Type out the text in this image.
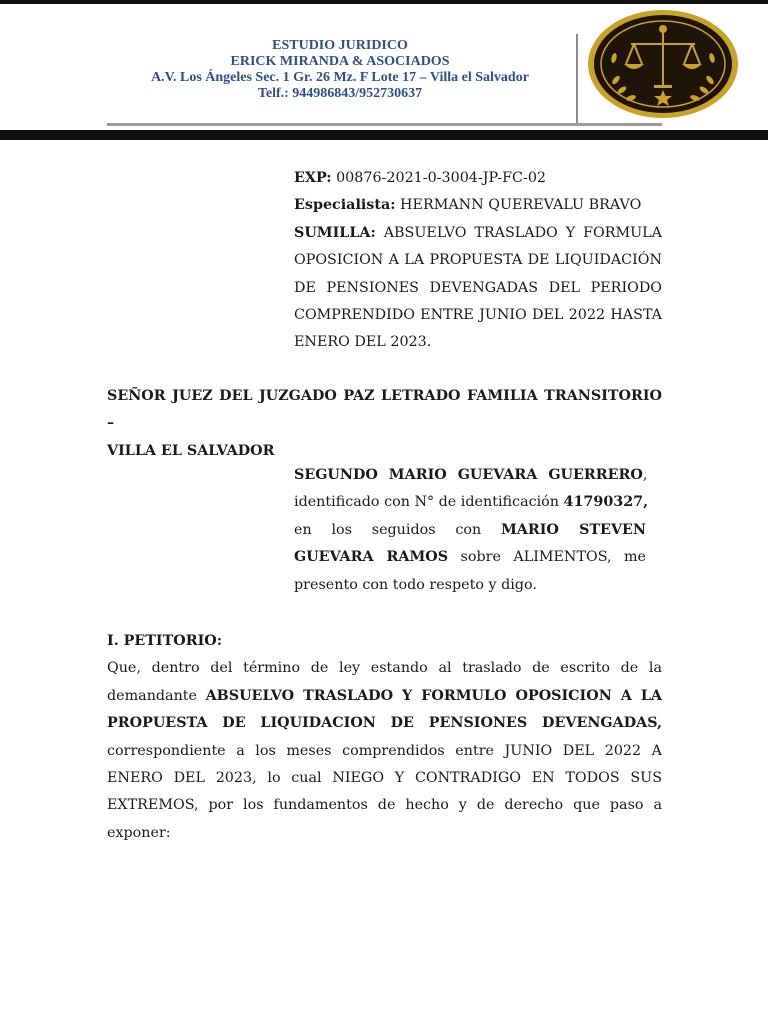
ESTUDIO JURIDICO
ERICK MIRANDA & ASOCIADOS
A.V. Los Ángeles Sec. 1 Gr. 26 Mz. F Lote 17 – Villa el Salvador
Telf.: 944986843/952730637
EXP: 00876-2021-0-3004-JP-FC-02
Especialista: HERMANN QUEREVALU BRAVO
SUMILLA: ABSUELVO TRASLADO Y FORMULA
OPOSICION A LA PROPUESTA DE LIQUIDACIÓN
DE PENSIONES DEVENGADAS DEL PERIODO
COMPRENDIDO ENTRE JUNIO DEL 2022 HASTA
ENERO DEL 2023.
SEÑOR JUEZ DEL JUZGADO PAZ LETRADO FAMILIA TRANSITORIO –
VILLA EL SALVADOR
SEGUNDO MARIO GUEVARA GUERRERO,
identificado con N° de identificación 41790327,
en los seguidos con MARIO STEVEN
GUEVARA RAMOS sobre ALIMENTOS, me
presento con todo respeto y digo.
I. PETITORIO:
Que, dentro del término de ley estando al traslado de escrito de la
demandante ABSUELVO TRASLADO Y FORMULO OPOSICION A LA
PROPUESTA DE LIQUIDACION DE PENSIONES DEVENGADAS,
correspondiente a los meses comprendidos entre JUNIO DEL 2022 A
ENERO DEL 2023, lo cual NIEGO Y CONTRADIGO EN TODOS SUS
EXTREMOS, por los fundamentos de hecho y de derecho que paso a
exponer:
